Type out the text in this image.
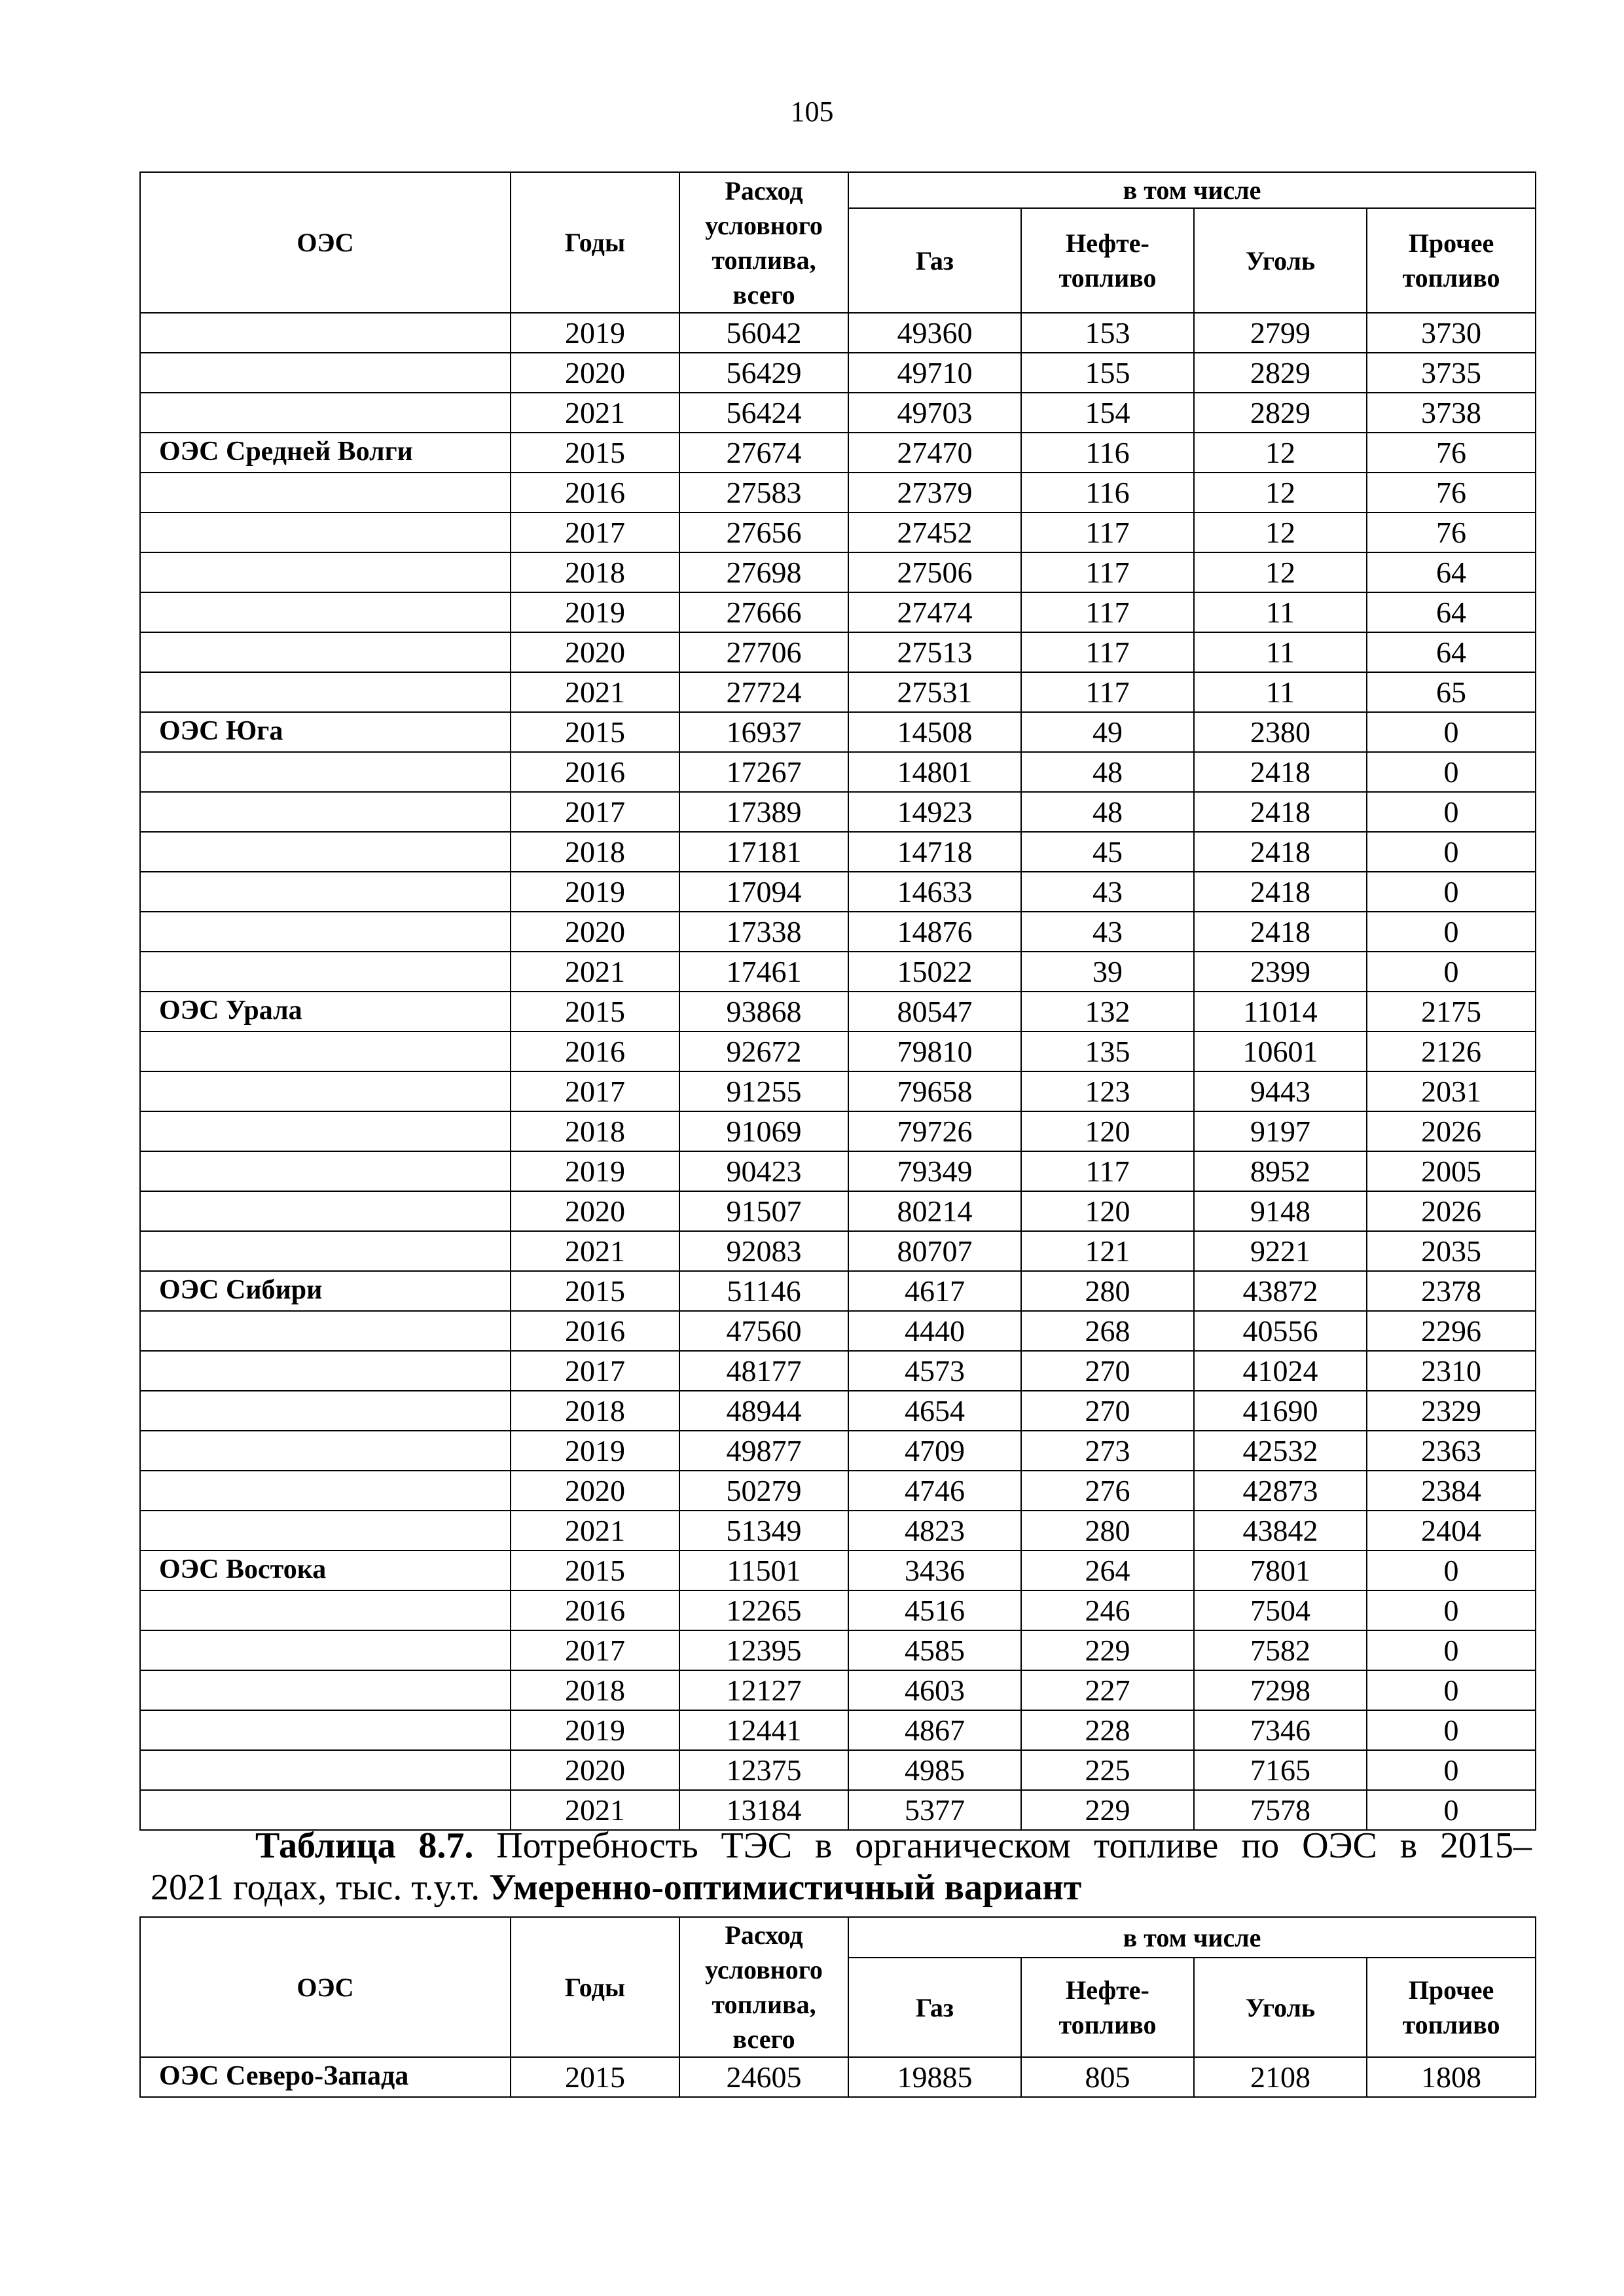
105
ОЭС	Годы	Расход условного топлива, всего	в том числе			
			Газ	Нефте-топливо	Уголь	Прочее топливо
	2019	56042	49360	153	2799	3730
	2020	56429	49710	155	2829	3735
	2021	56424	49703	154	2829	3738
ОЭС Средней Волги	2015	27674	27470	116	12	76
	2016	27583	27379	116	12	76
	2017	27656	27452	117	12	76
	2018	27698	27506	117	12	64
	2019	27666	27474	117	11	64
	2020	27706	27513	117	11	64
	2021	27724	27531	117	11	65
ОЭС Юга	2015	16937	14508	49	2380	0
	2016	17267	14801	48	2418	0
	2017	17389	14923	48	2418	0
	2018	17181	14718	45	2418	0
	2019	17094	14633	43	2418	0
	2020	17338	14876	43	2418	0
	2021	17461	15022	39	2399	0
ОЭС Урала	2015	93868	80547	132	11014	2175
	2016	92672	79810	135	10601	2126
	2017	91255	79658	123	9443	2031
	2018	91069	79726	120	9197	2026
	2019	90423	79349	117	8952	2005
	2020	91507	80214	120	9148	2026
	2021	92083	80707	121	9221	2035
ОЭС Сибири	2015	51146	4617	280	43872	2378
	2016	47560	4440	268	40556	2296
	2017	48177	4573	270	41024	2310
	2018	48944	4654	270	41690	2329
	2019	49877	4709	273	42532	2363
	2020	50279	4746	276	42873	2384
	2021	51349	4823	280	43842	2404
ОЭС Востока	2015	11501	3436	264	7801	0
	2016	12265	4516	246	7504	0
	2017	12395	4585	229	7582	0
	2018	12127	4603	227	7298	0
	2019	12441	4867	228	7346	0
	2020	12375	4985	225	7165	0
	2021	13184	5377	229	7578	0
Таблица 8.7. Потребность ТЭС в органическом топливе по ОЭС в 2015–
2021 годах, тыс. т.у.т. Умеренно-оптимистичный вариант
ОЭС	Годы	Расход условного топлива, всего	в том числе			
			Газ	Нефте-топливо	Уголь	Прочее топливо
ОЭС Северо-Запада	2015	24605	19885	805	2108	1808
